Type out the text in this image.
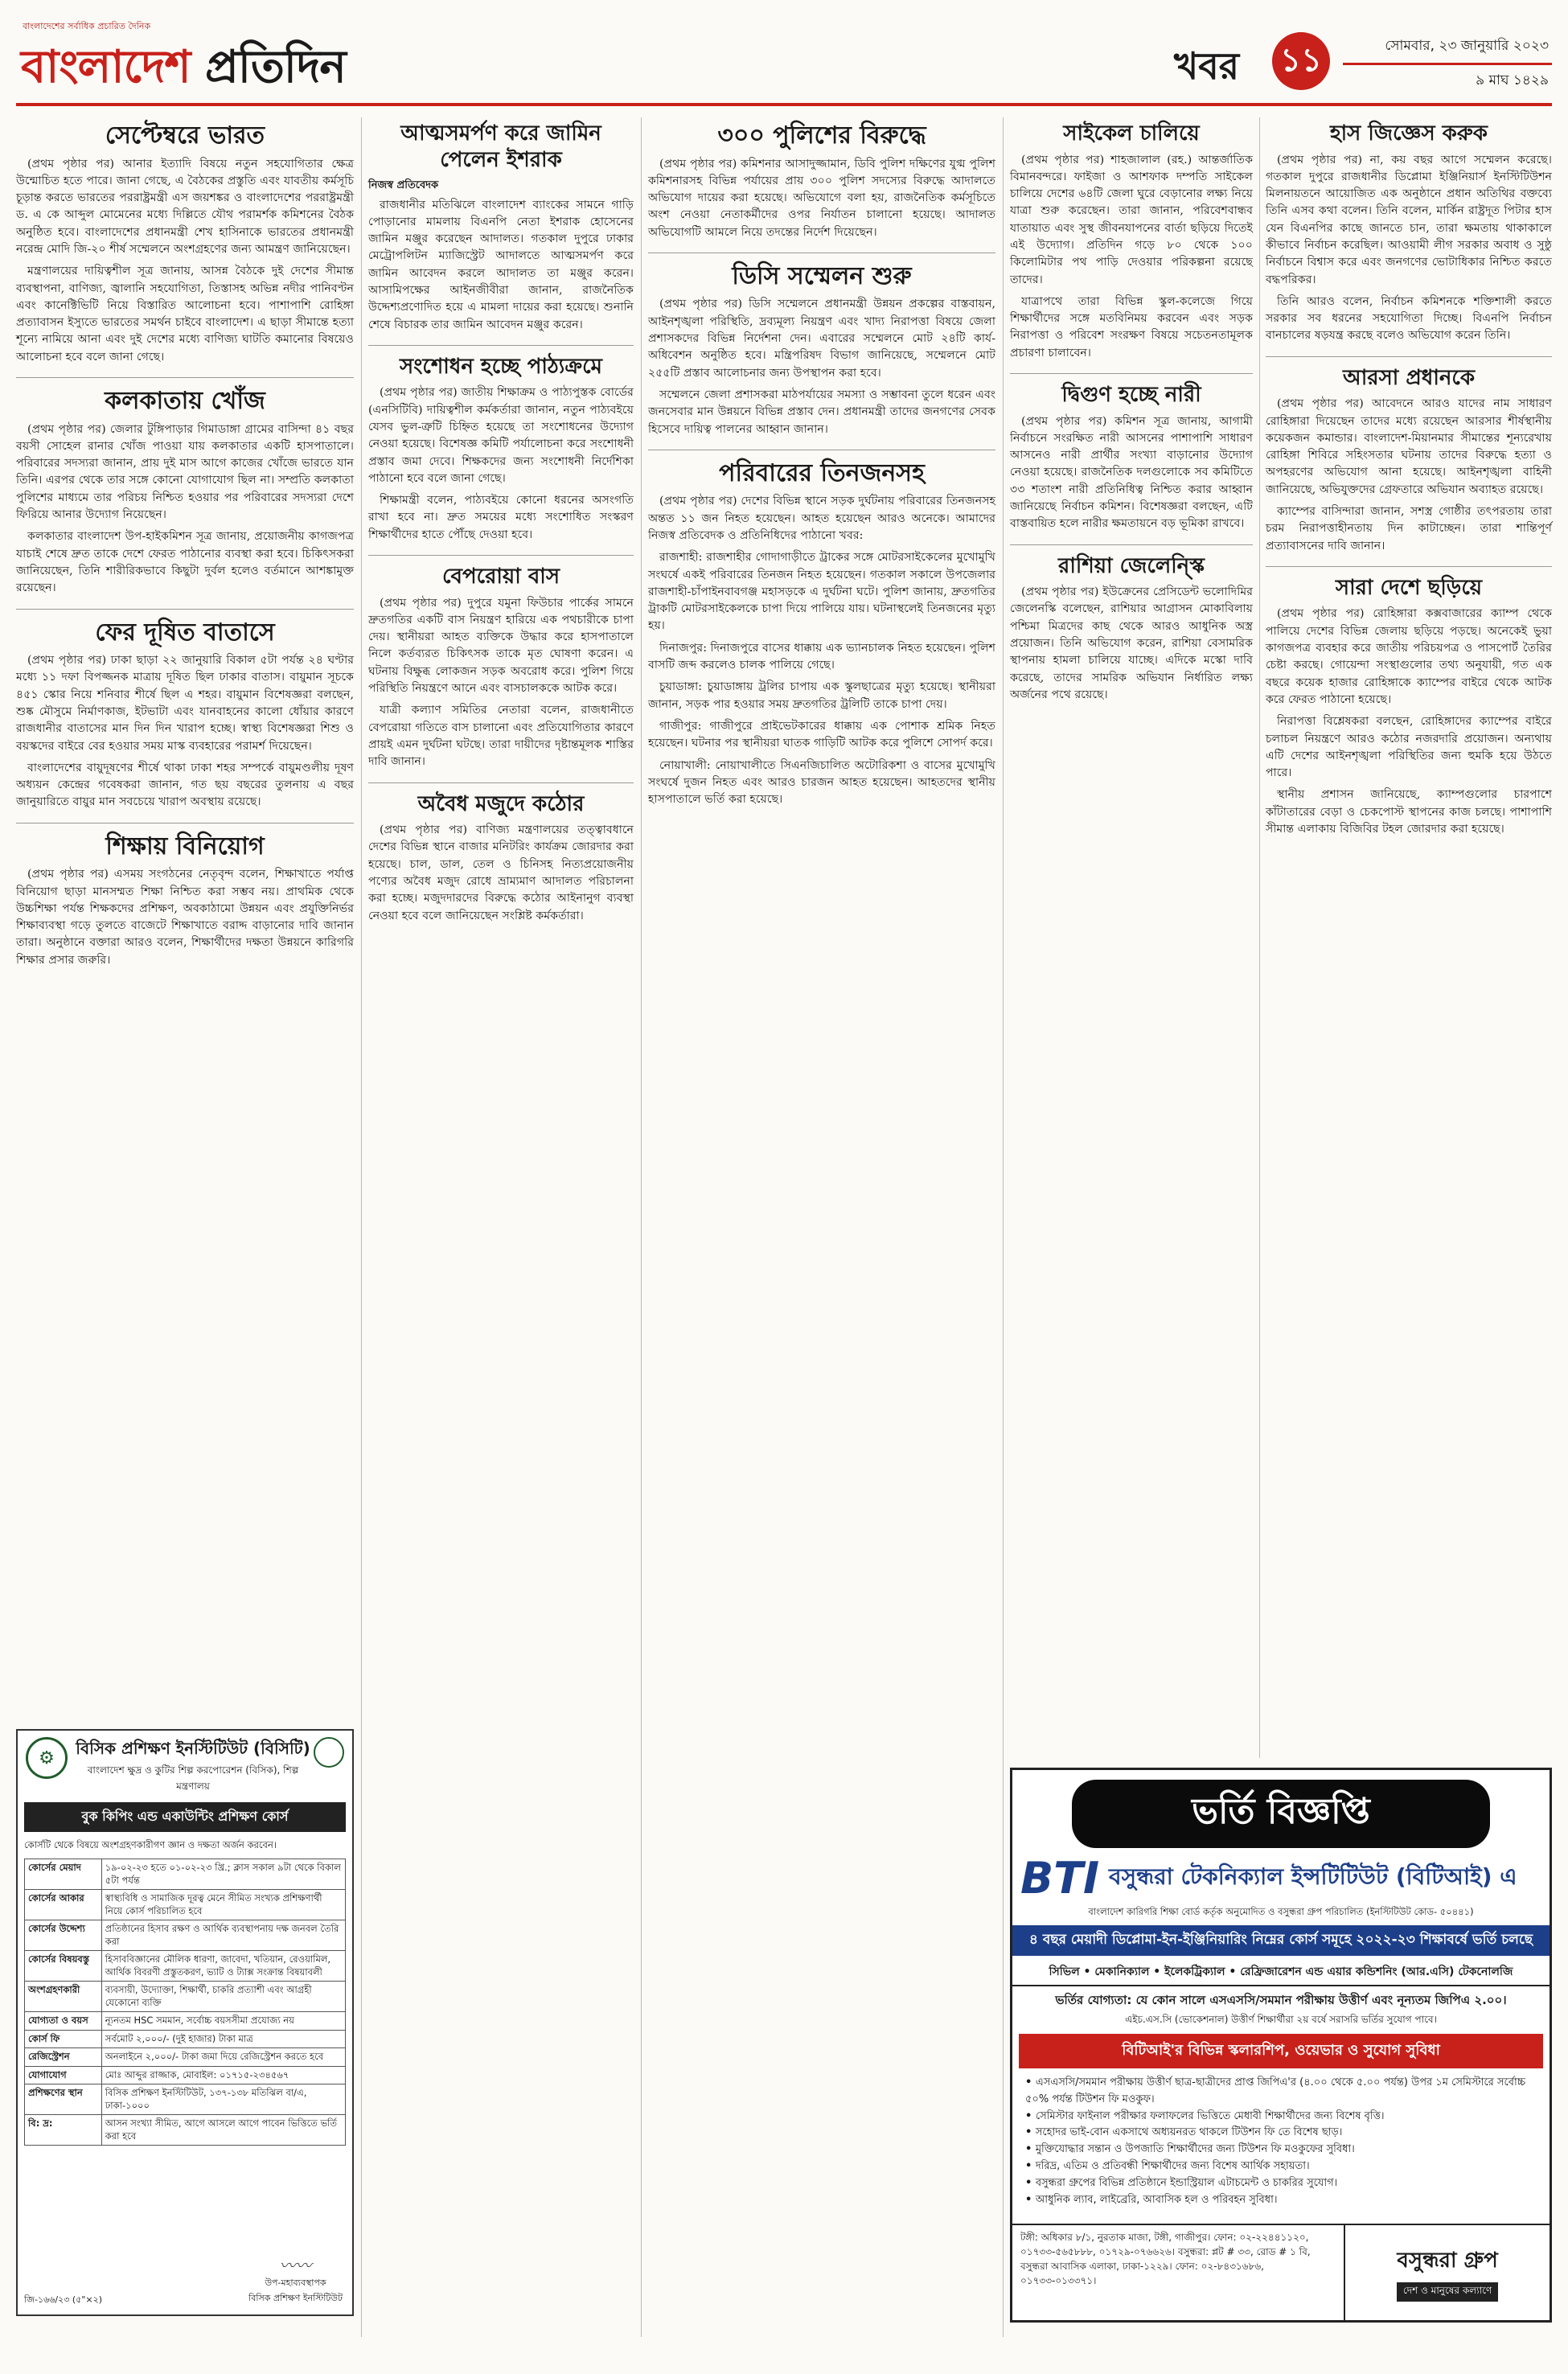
বাংলাদেশের সর্বাধিক প্রচারিত দৈনিক
বাংলাদেশ প্রতিদিন	খবর ১১	সোমবার, ২৩ জানুয়ারি ২০২৩
৯ মাঘ ১৪২৯
সেপ্টেম্বরে ভারত

(প্রথম পৃষ্ঠার পর) আনার ইত্যাদি বিষয়ে নতুন সহযোগিতার ক্ষেত্র উন্মোচিত হতে পারে। জানা গেছে, এ বৈঠকের প্রস্তুতি এবং যাবতীয় কর্মসূচি চূড়ান্ত করতে ভারতের পররাষ্ট্রমন্ত্রী এস জয়শঙ্কর ও বাংলাদেশের পররাষ্ট্রমন্ত্রী ড. এ কে আব্দুল মোমেনের মধ্যে দিল্লিতে যৌথ পরামর্শক কমিশনের বৈঠক অনুষ্ঠিত হবে। বাংলাদেশের প্রধানমন্ত্রী শেখ হাসিনাকে ভারতের প্রধানমন্ত্রী নরেন্দ্র মোদি জি-২০ শীর্ষ সম্মেলনে অংশগ্রহণের জন্য আমন্ত্রণ জানিয়েছেন।

মন্ত্রণালয়ের দায়িত্বশীল সূত্র জানায়, আসন্ন বৈঠকে দুই দেশের সীমান্ত ব্যবস্থাপনা, বাণিজ্য, জ্বালানি সহযোগিতা, তিস্তাসহ অভিন্ন নদীর পানিবণ্টন এবং কানেক্টিভিটি নিয়ে বিস্তারিত আলোচনা হবে। পাশাপাশি রোহিঙ্গা প্রত্যাবাসন ইস্যুতে ভারতের সমর্থন চাইবে বাংলাদেশ। এ ছাড়া সীমান্তে হত্যা শূন্যে নামিয়ে আনা এবং দুই দেশের মধ্যে বাণিজ্য ঘাটতি কমানোর বিষয়েও আলোচনা হবে বলে জানা গেছে।

কলকাতায় খোঁজ

(প্রথম পৃষ্ঠার পর) জেলার টুঙ্গিপাড়ার গিমাডাঙ্গা গ্রামের বাসিন্দা ৪১ বছর বয়সী সোহেল রানার খোঁজ পাওয়া যায় কলকাতার একটি হাসপাতালে। পরিবারের সদস্যরা জানান, প্রায় দুই মাস আগে কাজের খোঁজে ভারতে যান তিনি। এরপর থেকে তার সঙ্গে কোনো যোগাযোগ ছিল না। সম্প্রতি কলকাতা পুলিশের মাধ্যমে তার পরিচয় নিশ্চিত হওয়ার পর পরিবারের সদস্যরা দেশে ফিরিয়ে আনার উদ্যোগ নিয়েছেন।

কলকাতার বাংলাদেশ উপ-হাইকমিশন সূত্র জানায়, প্রয়োজনীয় কাগজপত্র যাচাই শেষে দ্রুত তাকে দেশে ফেরত পাঠানোর ব্যবস্থা করা হবে। চিকিৎসকরা জানিয়েছেন, তিনি শারীরিকভাবে কিছুটা দুর্বল হলেও বর্তমানে আশঙ্কামুক্ত রয়েছেন।

ফের দূষিত বাতাসে

(প্রথম পৃষ্ঠার পর) ঢাকা ছাড়া ২২ জানুয়ারি বিকাল ৫টা পর্যন্ত ২৪ ঘণ্টার মধ্যে ১১ দফা বিপজ্জনক মাত্রায় দূষিত ছিল ঢাকার বাতাস। বায়ুমান সূচকে ৪৫১ স্কোর নিয়ে শনিবার শীর্ষে ছিল এ শহর। বায়ুমান বিশেষজ্ঞরা বলছেন, শুষ্ক মৌসুমে নির্মাণকাজ, ইটভাটা এবং যানবাহনের কালো ধোঁয়ার কারণে রাজধানীর বাতাসের মান দিন দিন খারাপ হচ্ছে। স্বাস্থ্য বিশেষজ্ঞরা শিশু ও বয়স্কদের বাইরে বের হওয়ার সময় মাস্ক ব্যবহারের পরামর্শ দিয়েছেন।

বাংলাদেশের বায়ুদূষণের শীর্ষে থাকা ঢাকা শহর সম্পর্কে বায়ুমণ্ডলীয় দূষণ অধ্যয়ন কেন্দ্রের গবেষকরা জানান, গত ছয় বছরের তুলনায় এ বছর জানুয়ারিতে বায়ুর মান সবচেয়ে খারাপ অবস্থায় রয়েছে।

শিক্ষায় বিনিয়োগ

(প্রথম পৃষ্ঠার পর) এসময় সংগঠনের নেতৃবৃন্দ বলেন, শিক্ষাখাতে পর্যাপ্ত বিনিয়োগ ছাড়া মানসম্মত শিক্ষা নিশ্চিত করা সম্ভব নয়। প্রাথমিক থেকে উচ্চশিক্ষা পর্যন্ত শিক্ষকদের প্রশিক্ষণ, অবকাঠামো উন্নয়ন এবং প্রযুক্তিনির্ভর শিক্ষাব্যবস্থা গড়ে তুলতে বাজেটে শিক্ষাখাতে বরাদ্দ বাড়ানোর দাবি জানান তারা। অনুষ্ঠানে বক্তারা আরও বলেন, শিক্ষার্থীদের দক্ষতা উন্নয়নে কারিগরি শিক্ষার প্রসার জরুরি।

⚙	বিসিক প্রশিক্ষণ ইনস্টিটিউট (বিসিটি)
বাংলাদেশ ক্ষুদ্র ও কুটির শিল্প করপোরেশন (বিসিক), শিল্প মন্ত্রণালয়
বুক কিপিং এন্ড একাউন্টিং প্রশিক্ষণ কোর্স
কোর্সটি থেকে বিষয়ে অংশগ্রহণকারীগণ জ্ঞান ও দক্ষতা অর্জন করবেন।
কোর্সের মেয়াদ	১৯-০২-২৩ হতে ০১-০২-২৩ খ্রি.; ক্লাস সকাল ৯টা থেকে বিকাল ৫টা পর্যন্ত
কোর্সের আকার	স্বাস্থ্যবিধি ও সামাজিক দূরত্ব মেনে সীমিত সংখ্যক প্রশিক্ষণার্থী নিয়ে কোর্স পরিচালিত হবে
কোর্সের উদ্দেশ্য	প্রতিষ্ঠানের হিসাব রক্ষণ ও আর্থিক ব্যবস্থাপনায় দক্ষ জনবল তৈরি করা
কোর্সের বিষয়বস্তু	হিসাববিজ্ঞানের মৌলিক ধারণা, জাবেদা, খতিয়ান, রেওয়ামিল, আর্থিক বিবরণী প্রস্তুতকরণ, ভ্যাট ও ট্যাক্স সংক্রান্ত বিষয়াবলী
অংশগ্রহণকারী	ব্যবসায়ী, উদ্যোক্তা, শিক্ষার্থী, চাকরি প্রত্যাশী এবং আগ্রহী যেকোনো ব্যক্তি
যোগ্যতা ও বয়স	ন্যূনতম HSC সমমান, সর্বোচ্চ বয়সসীমা প্রযোজ্য নয়
কোর্স ফি	সর্বমোট ২,০০০/- (দুই হাজার) টাকা মাত্র
রেজিস্ট্রেশন	অনলাইনে ২,০০০/- টাকা জমা দিয়ে রেজিস্ট্রেশন করতে হবে
যোগাযোগ	মোঃ আব্দুর রাজ্জাক, মোবাইল: ০১৭১৫-২৩৪৫৬৭
প্রশিক্ষণের স্থান	বিসিক প্রশিক্ষণ ইনস্টিটিউট, ১৩৭-১৩৮ মতিঝিল বা/এ, ঢাকা-১০০০
বি: দ্র:	আসন সংখ্যা সীমিত, আগে আসলে আগে পাবেন ভিত্তিতে ভর্তি করা হবে
জি-১৬৬/২৩ (৫"×২)
〰〰
উপ-মহাব্যবস্থাপক
বিসিক প্রশিক্ষণ ইনস্টিটিউট
আত্মসমর্পণ করে জামিন পেলেন ইশরাক
নিজস্ব প্রতিবেদক

রাজধানীর মতিঝিলে বাংলাদেশ ব্যাংকের সামনে গাড়ি পোড়ানোর মামলায় বিএনপি নেতা ইশরাক হোসেনের জামিন মঞ্জুর করেছেন আদালত। গতকাল দুপুরে ঢাকার মেট্রোপলিটন ম্যাজিস্ট্রেট আদালতে আত্মসমর্পণ করে জামিন আবেদন করলে আদালত তা মঞ্জুর করেন। আসামিপক্ষের আইনজীবীরা জানান, রাজনৈতিক উদ্দেশ্যপ্রণোদিত হয়ে এ মামলা দায়ের করা হয়েছে। শুনানি শেষে বিচারক তার জামিন আবেদন মঞ্জুর করেন।

সংশোধন হচ্ছে পাঠ্যক্রমে

(প্রথম পৃষ্ঠার পর) জাতীয় শিক্ষাক্রম ও পাঠ্যপুস্তক বোর্ডের (এনসিটিবি) দায়িত্বশীল কর্মকর্তারা জানান, নতুন পাঠ্যবইয়ে যেসব ভুল-ত্রুটি চিহ্নিত হয়েছে তা সংশোধনের উদ্যোগ নেওয়া হয়েছে। বিশেষজ্ঞ কমিটি পর্যালোচনা করে সংশোধনী প্রস্তাব জমা দেবে। শিক্ষকদের জন্য সংশোধনী নির্দেশিকা পাঠানো হবে বলে জানা গেছে।

শিক্ষামন্ত্রী বলেন, পাঠ্যবইয়ে কোনো ধরনের অসংগতি রাখা হবে না। দ্রুত সময়ের মধ্যে সংশোধিত সংস্করণ শিক্ষার্থীদের হাতে পৌঁছে দেওয়া হবে।

বেপরোয়া বাস

(প্রথম পৃষ্ঠার পর) দুপুরে যমুনা ফিউচার পার্কের সামনে দ্রুতগতির একটি বাস নিয়ন্ত্রণ হারিয়ে এক পথচারীকে চাপা দেয়। স্থানীয়রা আহত ব্যক্তিকে উদ্ধার করে হাসপাতালে নিলে কর্তব্যরত চিকিৎসক তাকে মৃত ঘোষণা করেন। এ ঘটনায় বিক্ষুব্ধ লোকজন সড়ক অবরোধ করে। পুলিশ গিয়ে পরিস্থিতি নিয়ন্ত্রণে আনে এবং বাসচালককে আটক করে।

যাত্রী কল্যাণ সমিতির নেতারা বলেন, রাজধানীতে বেপরোয়া গতিতে বাস চালানো এবং প্রতিযোগিতার কারণে প্রায়ই এমন দুর্ঘটনা ঘটছে। তারা দায়ীদের দৃষ্টান্তমূলক শাস্তির দাবি জানান।

অবৈধ মজুদে কঠোর

(প্রথম পৃষ্ঠার পর) বাণিজ্য মন্ত্রণালয়ের তত্ত্বাবধানে দেশের বিভিন্ন স্থানে বাজার মনিটরিং কার্যক্রম জোরদার করা হয়েছে। চাল, ডাল, তেল ও চিনিসহ নিত্যপ্রয়োজনীয় পণ্যের অবৈধ মজুদ রোধে ভ্রাম্যমাণ আদালত পরিচালনা করা হচ্ছে। মজুদদারদের বিরুদ্ধে কঠোর আইনানুগ ব্যবস্থা নেওয়া হবে বলে জানিয়েছেন সংশ্লিষ্ট কর্মকর্তারা।

৩০০ পুলিশের বিরুদ্ধে

(প্রথম পৃষ্ঠার পর) কমিশনার আসাদুজ্জামান, ডিবি পুলিশ দক্ষিণের যুগ্ম পুলিশ কমিশনারসহ বিভিন্ন পর্যায়ের প্রায় ৩০০ পুলিশ সদস্যের বিরুদ্ধে আদালতে অভিযোগ দায়ের করা হয়েছে। অভিযোগে বলা হয়, রাজনৈতিক কর্মসূচিতে অংশ নেওয়া নেতাকর্মীদের ওপর নির্যাতন চালানো হয়েছে। আদালত অভিযোগটি আমলে নিয়ে তদন্তের নির্দেশ দিয়েছেন।

ডিসি সম্মেলন শুরু

(প্রথম পৃষ্ঠার পর) ডিসি সম্মেলনে প্রধানমন্ত্রী উন্নয়ন প্রকল্পের বাস্তবায়ন, আইনশৃঙ্খলা পরিস্থিতি, দ্রব্যমূল্য নিয়ন্ত্রণ এবং খাদ্য নিরাপত্তা বিষয়ে জেলা প্রশাসকদের বিভিন্ন নির্দেশনা দেন। এবারের সম্মেলনে মোট ২৪টি কার্য-অধিবেশন অনুষ্ঠিত হবে। মন্ত্রিপরিষদ বিভাগ জানিয়েছে, সম্মেলনে মোট ২৫৫টি প্রস্তাব আলোচনার জন্য উপস্থাপন করা হবে।

সম্মেলনে জেলা প্রশাসকরা মাঠপর্যায়ের সমস্যা ও সম্ভাবনা তুলে ধরেন এবং জনসেবার মান উন্নয়নে বিভিন্ন প্রস্তাব দেন। প্রধানমন্ত্রী তাদের জনগণের সেবক হিসেবে দায়িত্ব পালনের আহ্বান জানান।

পরিবারের তিনজনসহ

(প্রথম পৃষ্ঠার পর) দেশের বিভিন্ন স্থানে সড়ক দুর্ঘটনায় পরিবারের তিনজনসহ অন্তত ১১ জন নিহত হয়েছেন। আহত হয়েছেন আরও অনেকে। আমাদের নিজস্ব প্রতিবেদক ও প্রতিনিধিদের পাঠানো খবর:

রাজশাহী: রাজশাহীর গোদাগাড়ীতে ট্রাকের সঙ্গে মোটরসাইকেলের মুখোমুখি সংঘর্ষে একই পরিবারের তিনজন নিহত হয়েছেন। গতকাল সকালে উপজেলার রাজশাহী-চাঁপাইনবাবগঞ্জ মহাসড়কে এ দুর্ঘটনা ঘটে। পুলিশ জানায়, দ্রুতগতির ট্রাকটি মোটরসাইকেলকে চাপা দিয়ে পালিয়ে যায়। ঘটনাস্থলেই তিনজনের মৃত্যু হয়।

দিনাজপুর: দিনাজপুরে বাসের ধাক্কায় এক ভ্যানচালক নিহত হয়েছেন। পুলিশ বাসটি জব্দ করলেও চালক পালিয়ে গেছে।

চুয়াডাঙ্গা: চুয়াডাঙ্গায় ট্রলির চাপায় এক স্কুলছাত্রের মৃত্যু হয়েছে। স্থানীয়রা জানান, সড়ক পার হওয়ার সময় দ্রুতগতির ট্রলিটি তাকে চাপা দেয়।

গাজীপুর: গাজীপুরে প্রাইভেটকারের ধাক্কায় এক পোশাক শ্রমিক নিহত হয়েছেন। ঘটনার পর স্থানীয়রা ঘাতক গাড়িটি আটক করে পুলিশে সোপর্দ করে।

নোয়াখালী: নোয়াখালীতে সিএনজিচালিত অটোরিকশা ও বাসের মুখোমুখি সংঘর্ষে দুজন নিহত এবং আরও চারজন আহত হয়েছেন। আহতদের স্থানীয় হাসপাতালে ভর্তি করা হয়েছে।

সাইকেল চালিয়ে

(প্রথম পৃষ্ঠার পর) শাহজালাল (রহ.) আন্তর্জাতিক বিমানবন্দরে। ফাইজা ও আশফাক দম্পতি সাইকেল চালিয়ে দেশের ৬৪টি জেলা ঘুরে বেড়ানোর লক্ষ্য নিয়ে যাত্রা শুরু করেছেন। তারা জানান, পরিবেশবান্ধব যাতায়াত এবং সুস্থ জীবনযাপনের বার্তা ছড়িয়ে দিতেই এই উদ্যোগ। প্রতিদিন গড়ে ৮০ থেকে ১০০ কিলোমিটার পথ পাড়ি দেওয়ার পরিকল্পনা রয়েছে তাদের।

যাত্রাপথে তারা বিভিন্ন স্কুল-কলেজে গিয়ে শিক্ষার্থীদের সঙ্গে মতবিনিময় করবেন এবং সড়ক নিরাপত্তা ও পরিবেশ সংরক্ষণ বিষয়ে সচেতনতামূলক প্রচারণা চালাবেন।

দ্বিগুণ হচ্ছে নারী

(প্রথম পৃষ্ঠার পর) কমিশন সূত্র জানায়, আগামী নির্বাচনে সংরক্ষিত নারী আসনের পাশাপাশি সাধারণ আসনেও নারী প্রার্থীর সংখ্যা বাড়ানোর উদ্যোগ নেওয়া হয়েছে। রাজনৈতিক দলগুলোকে সব কমিটিতে ৩৩ শতাংশ নারী প্রতিনিধিত্ব নিশ্চিত করার আহ্বান জানিয়েছে নির্বাচন কমিশন। বিশেষজ্ঞরা বলছেন, এটি বাস্তবায়িত হলে নারীর ক্ষমতায়নে বড় ভূমিকা রাখবে।

রাশিয়া জেলেন্স্কি

(প্রথম পৃষ্ঠার পর) ইউক্রেনের প্রেসিডেন্ট ভলোদিমির জেলেনস্কি বলেছেন, রাশিয়ার আগ্রাসন মোকাবিলায় পশ্চিমা মিত্রদের কাছ থেকে আরও আধুনিক অস্ত্র প্রয়োজন। তিনি অভিযোগ করেন, রাশিয়া বেসামরিক স্থাপনায় হামলা চালিয়ে যাচ্ছে। এদিকে মস্কো দাবি করেছে, তাদের সামরিক অভিযান নির্ধারিত লক্ষ্য অর্জনের পথে রয়েছে।

হাস জিজ্ঞেস করুক

(প্রথম পৃষ্ঠার পর) না, কয় বছর আগে সম্মেলন করেছে। গতকাল দুপুরে রাজধানীর ডিপ্লোমা ইঞ্জিনিয়ার্স ইনস্টিটিউশন মিলনায়তনে আয়োজিত এক অনুষ্ঠানে প্রধান অতিথির বক্তব্যে তিনি এসব কথা বলেন। তিনি বলেন, মার্কিন রাষ্ট্রদূত পিটার হাস যেন বিএনপির কাছে জানতে চান, তারা ক্ষমতায় থাকাকালে কীভাবে নির্বাচন করেছিল। আওয়ামী লীগ সরকার অবাধ ও সুষ্ঠু নির্বাচনে বিশ্বাস করে এবং জনগণের ভোটাধিকার নিশ্চিত করতে বদ্ধপরিকর।

তিনি আরও বলেন, নির্বাচন কমিশনকে শক্তিশালী করতে সরকার সব ধরনের সহযোগিতা দিচ্ছে। বিএনপি নির্বাচন বানচালের ষড়যন্ত্র করছে বলেও অভিযোগ করেন তিনি।

আরসা প্রধানকে

(প্রথম পৃষ্ঠার পর) আবেদনে আরও যাদের নাম সাধারণ রোহিঙ্গারা দিয়েছেন তাদের মধ্যে রয়েছেন আরসার শীর্ষস্থানীয় কয়েকজন কমান্ডার। বাংলাদেশ-মিয়ানমার সীমান্তের শূন্যরেখায় রোহিঙ্গা শিবিরে সহিংসতার ঘটনায় তাদের বিরুদ্ধে হত্যা ও অপহরণের অভিযোগ আনা হয়েছে। আইনশৃঙ্খলা বাহিনী জানিয়েছে, অভিযুক্তদের গ্রেফতারে অভিযান অব্যাহত রয়েছে।

ক্যাম্পের বাসিন্দারা জানান, সশস্ত্র গোষ্ঠীর তৎপরতায় তারা চরম নিরাপত্তাহীনতায় দিন কাটাচ্ছেন। তারা শান্তিপূর্ণ প্রত্যাবাসনের দাবি জানান।

সারা দেশে ছড়িয়ে

(প্রথম পৃষ্ঠার পর) রোহিঙ্গারা কক্সবাজারের ক্যাম্প থেকে পালিয়ে দেশের বিভিন্ন জেলায় ছড়িয়ে পড়ছে। অনেকেই ভুয়া কাগজপত্র ব্যবহার করে জাতীয় পরিচয়পত্র ও পাসপোর্ট তৈরির চেষ্টা করছে। গোয়েন্দা সংস্থাগুলোর তথ্য অনুযায়ী, গত এক বছরে কয়েক হাজার রোহিঙ্গাকে ক্যাম্পের বাইরে থেকে আটক করে ফেরত পাঠানো হয়েছে।

নিরাপত্তা বিশ্লেষকরা বলছেন, রোহিঙ্গাদের ক্যাম্পের বাইরে চলাচল নিয়ন্ত্রণে আরও কঠোর নজরদারি প্রয়োজন। অন্যথায় এটি দেশের আইনশৃঙ্খলা পরিস্থিতির জন্য হুমকি হয়ে উঠতে পারে।

স্থানীয় প্রশাসন জানিয়েছে, ক্যাম্পগুলোর চারপাশে কাঁটাতারের বেড়া ও চেকপোস্ট স্থাপনের কাজ চলছে। পাশাপাশি সীমান্ত এলাকায় বিজিবির টহল জোরদার করা হয়েছে।

ভর্তি বিজ্ঞপ্তি
BTI বসুন্ধরা টেকনিক্যাল ইন্সটিটিউট (বিটিআই) এ
বাংলাদেশ কারিগরি শিক্ষা বোর্ড কর্তৃক অনুমোদিত ও বসুন্ধরা গ্রুপ পরিচালিত (ইনস্টিটিউট কোড- ৫০৪৪১)
৪ বছর মেয়াদী ডিপ্লোমা-ইন-ইঞ্জিনিয়ারিং নিম্নের কোর্স সমূহে ২০২২-২৩ শিক্ষাবর্ষে ভর্তি চলছে
সিভিল • মেকানিক্যাল • ইলেকট্রিক্যাল • রেফ্রিজারেশন এন্ড এয়ার কন্ডিশনিং (আর.এসি) টেকনোলজি
ভর্তির যোগ্যতা: যে কোন সালে এসএসসি/সমমান পরীক্ষায় উত্তীর্ণ এবং নূন্যতম জিপিএ ২.০০।
এইচ.এস.সি (ভোকেশনাল) উত্তীর্ণ শিক্ষার্থীরা ২য় বর্ষে সরাসরি ভর্তির সুযোগ পাবে।
বিটিআই'র বিভিন্ন স্কলারশিপ, ওয়েভার ও সুযোগ সুবিধা
• এসএসসি/সমমান পরীক্ষায় উত্তীর্ণ ছাত্র-ছাত্রীদের প্রাপ্ত জিপিএ'র (৪.০০ থেকে ৫.০০ পর্যন্ত) উপর ১ম সেমিস্টারে সর্বোচ্চ ৫০% পর্যন্ত টিউশন ফি মওকুফ।
• সেমিস্টার ফাইনাল পরীক্ষার ফলাফলের ভিত্তিতে মেধাবী শিক্ষার্থীদের জন্য বিশেষ বৃত্তি।
• সহোদর ভাই-বোন একসাথে অধ্যয়নরত থাকলে টিউশন ফি তে বিশেষ ছাড়।
• মুক্তিযোদ্ধার সন্তান ও উপজাতি শিক্ষার্থীদের জন্য টিউশন ফি মওকুফের সুবিধা।
• দরিদ্র, এতিম ও প্রতিবন্ধী শিক্ষার্থীদের জন্য বিশেষ আর্থিক সহায়তা।
• বসুন্ধরা গ্রুপের বিভিন্ন প্রতিষ্ঠানে ইন্ডাস্ট্রিয়াল এটাচমেন্ট ও চাকরির সুযোগ।
• আধুনিক ল্যাব, লাইব্রেরি, আবাসিক হল ও পরিবহন সুবিধা।
টঙ্গী: অধিকার ৮/১, নুরতাক মাজা, টঙ্গী, গাজীপুর। ফোন: ০২-২২৪৪১১২০, ০১৭৩৩-৫৬৫৮৮৮, ০১৭২৯-০৭৬৬২৬। বসুন্ধরা: প্লট # ৩৩, রোড # ১ বি, বসুন্ধরা আবাসিক এলাকা, ঢাকা-১২২৯। ফোন: ০২-৮৪৩১৬৮৬, ০১৭৩৩-০১৩৩৭১।
বসুন্ধরা গ্রুপ
দেশ ও মানুষের কল্যাণে
